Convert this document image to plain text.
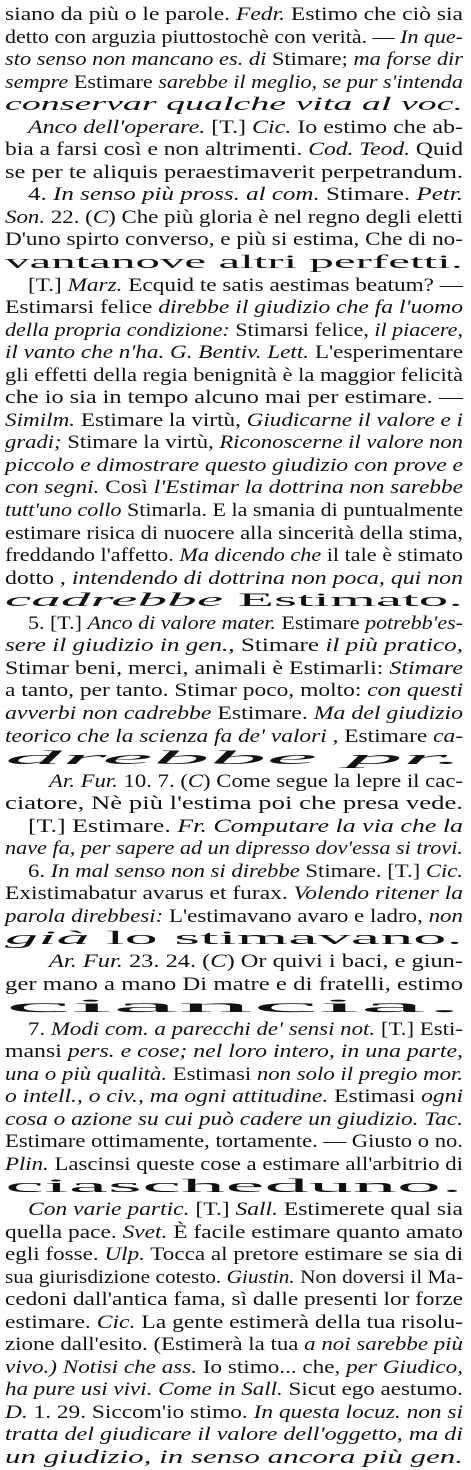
siano da più o le parole. Fedr. Estimo che ciò sia
detto con arguzia piuttostochè con verità. — In que-
sto senso non mancano es. di Stimare; ma forse dir
sempre Estimare sarebbe il meglio, se pur s'intenda
conservar qualche vita al voc.
Anco dell'operare. [T.] Cic. Io estimo che ab-
bia a farsi così e non altrimenti. Cod. Teod. Quid
se per te aliquis peraestimaverit perpetrandum.
4. In senso più pross. al com. Stimare. Petr.
Son. 22. (C) Che più gloria è nel regno degli eletti
D'uno spirto converso, e più si estima, Che di no-
vantanove altri perfetti.
[T.] Marz. Ecquid te satis aestimas beatum? —
Estimarsi felice direbbe il giudizio che fa l'uomo
della propria condizione: Stimarsi felice, il piacere,
il vanto che n'ha. G. Bentiv. Lett. L'esperimentare
gli effetti della regia benignità è la maggior felicità
che io sia in tempo alcuno mai per estimare. —
Similm. Estimare la virtù, Giudicarne il valore e i
gradi; Stimare la virtù, Riconoscerne il valore non
piccolo e dimostrare questo giudizio con prove e
con segni. Così l'Estimar la dottrina non sarebbe
tutt'uno collo Stimarla. E la smania di puntualmente
estimare risica di nuocere alla sincerità della stima,
freddando l'affetto. Ma dicendo che il tale è stimato
dotto , intendendo di dottrina non poca, qui non
cadrebbe Estimato.
5. [T.] Anco di valore mater. Estimare potrebb'es-
sere il giudizio in gen., Stimare il più pratico,
Stimar beni, merci, animali è Estimarli: Stimare
a tanto, per tanto. Stimar poco, molto: con questi
avverbi non cadrebbe Estimare. Ma del giudizio
teorico che la scienza fa de' valori , Estimare ca-
drebbe pr.
Ar. Fur. 10. 7. (C) Come segue la lepre il cac-
ciatore, Nè più l'estima poi che presa vede.
[T.] Estimare. Fr. Computare la via che la
nave fa, per sapere ad un dipresso dov'essa si trovi.
6. In mal senso non si direbbe Stimare. [T.] Cic.
Existimabatur avarus et furax. Volendo ritener la
parola direbbesi: L'estimavano avaro e ladro, non
già lo stimavano.
Ar. Fur. 23. 24. (C) Or quivi i baci, e giun-
ger mano a mano Di matre e di fratelli, estimo
ciancia.
7. Modi com. a parecchi de' sensi not. [T.] Esti-
mansi pers. e cose; nel loro intero, in una parte,
una o più qualità. Estimasi non solo il pregio mor.
o intell., o civ., ma ogni attitudine. Estimasi ogni
cosa o azione su cui può cadere un giudizio. Tac.
Estimare ottimamente, tortamente. — Giusto o no.
Plin. Lascinsi queste cose a estimare all'arbitrio di
ciascheduno.
Con varie partic. [T.] Sall. Estimerete qual sia
quella pace. Svet. È facile estimare quanto amato
egli fosse. Ulp. Tocca al pretore estimare se sia di
sua giurisdizione cotesto. Giustin. Non doversi il Ma-
cedoni dall'antica fama, sì dalle presenti lor forze
estimare. Cic. La gente estimerà della tua risolu-
zione dall'esito. (Estimerà la tua a noi sarebbe più
vivo.) Notisi che ass. Io stimo... che, per Giudico,
ha pure usi vivi. Come in Sall. Sicut ego aestumo.
D. 1. 29. Siccom'io stimo. In questa locuz. non si
tratta del giudicare il valore dell'oggetto, ma di
un giudizio, in senso ancora più gen.
